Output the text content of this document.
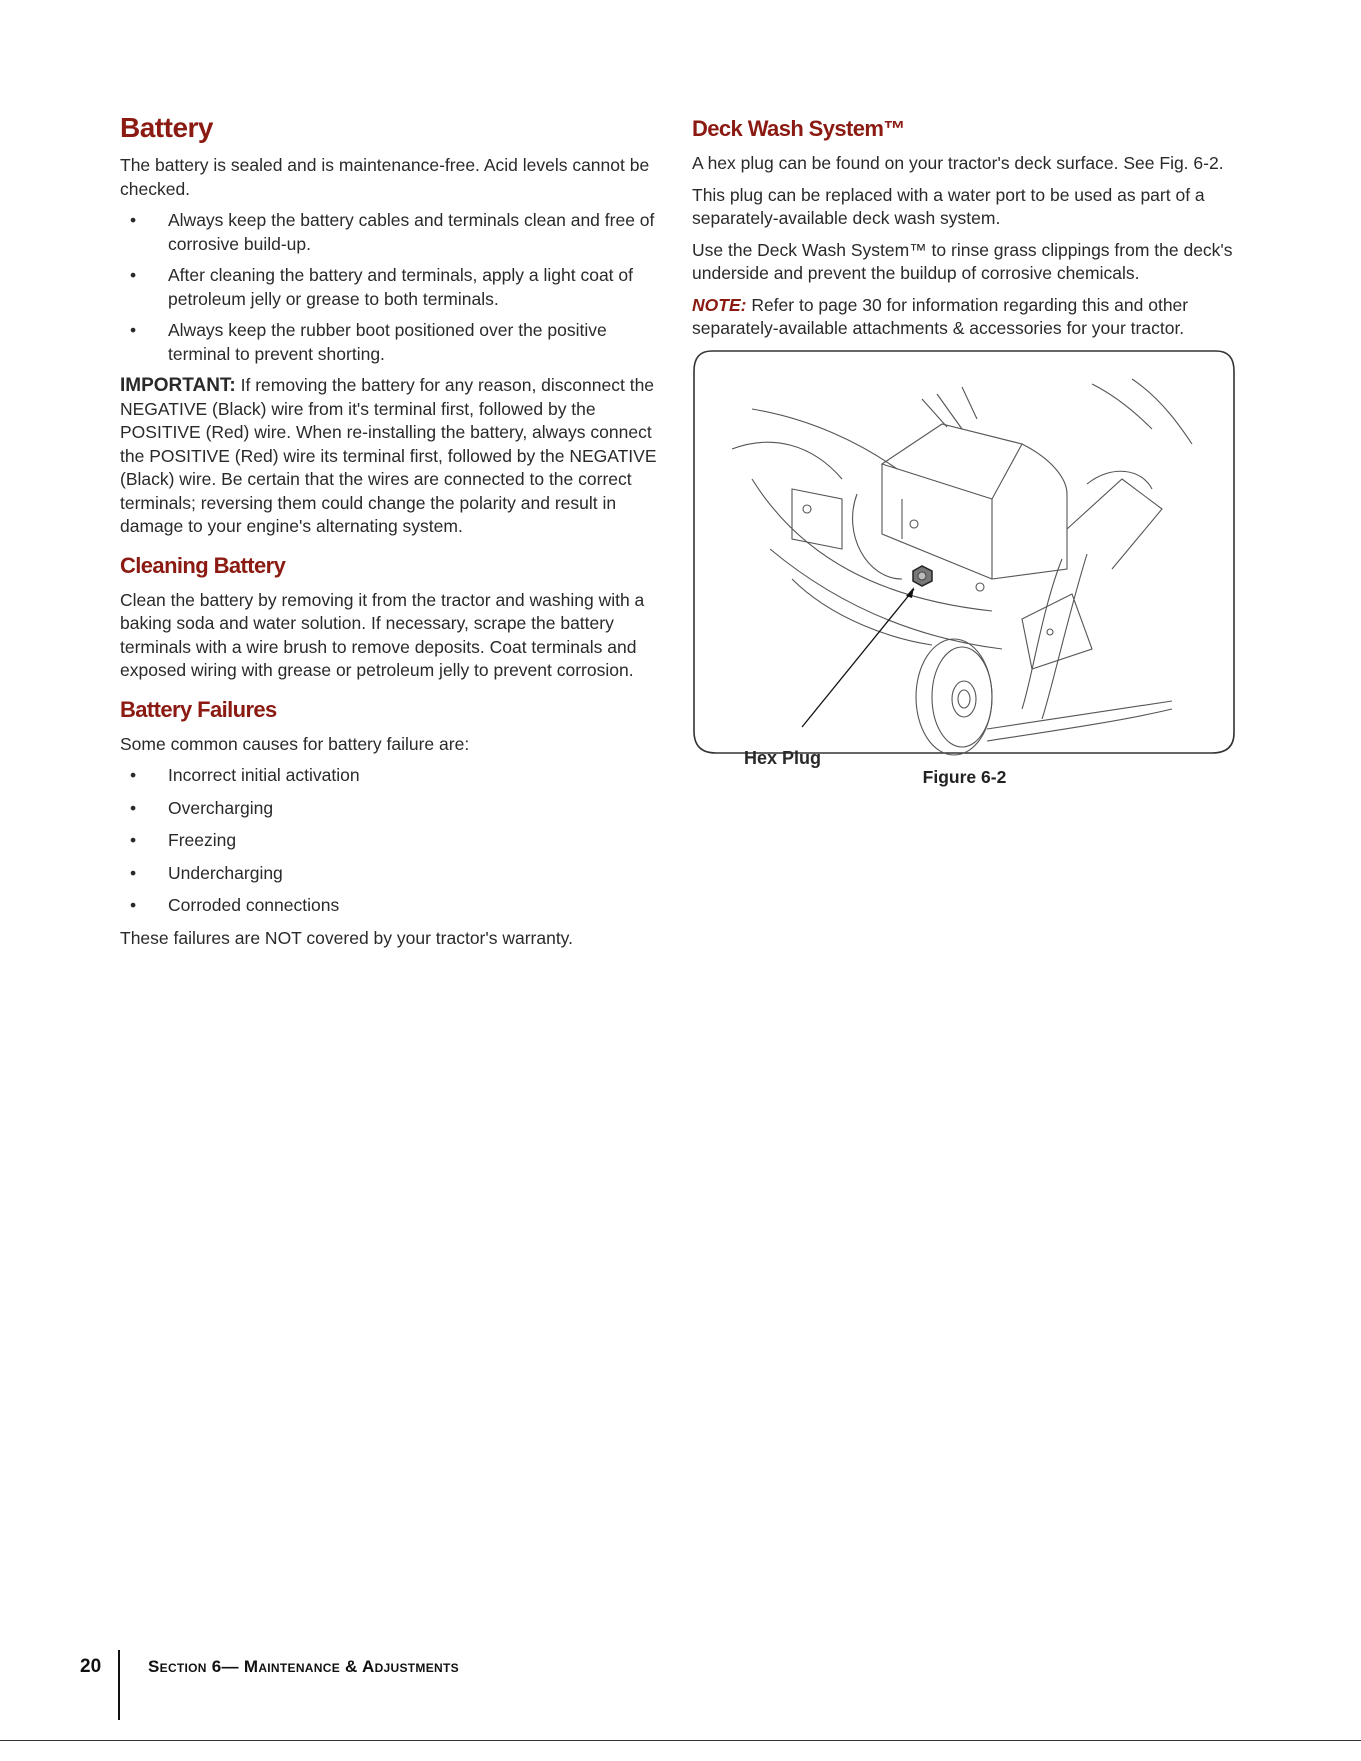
Battery

The battery is sealed and is maintenance-free. Acid levels cannot be checked.

• Always keep the battery cables and terminals clean and free of corrosive build-up.
• After cleaning the battery and terminals, apply a light coat of petroleum jelly or grease to both terminals.
• Always keep the rubber boot positioned over the positive terminal to prevent shorting.

IMPORTANT: If removing the battery for any reason, disconnect the NEGATIVE (Black) wire from it's terminal first, followed by the POSITIVE (Red) wire. When re-installing the battery, always connect the POSITIVE (Red) wire its terminal first, followed by the NEGATIVE (Black) wire. Be certain that the wires are connected to the correct terminals; reversing them could change the polarity and result in damage to your engine's alternating system.

Cleaning Battery

Clean the battery by removing it from the tractor and washing with a baking soda and water solution. If necessary, scrape the battery terminals with a wire brush to remove deposits. Coat terminals and exposed wiring with grease or petroleum jelly to prevent corrosion.

Battery Failures

Some common causes for battery failure are:

• Incorrect initial activation
• Overcharging
• Freezing
• Undercharging
• Corroded connections

These failures are NOT covered by your tractor's warranty.

Deck Wash System™

A hex plug can be found on your tractor's deck surface. See Fig. 6-2.

This plug can be replaced with a water port to be used as part of a separately-available deck wash system.

Use the Deck Wash System™ to rinse grass clippings from the deck's underside and prevent the buildup of corrosive chemicals.

NOTE: Refer to page 30 for information regarding this and other separately-available attachments & accessories for your tractor.

Hex Plug
Figure 6-2
20	Section 6— Maintenance & Adjustments
